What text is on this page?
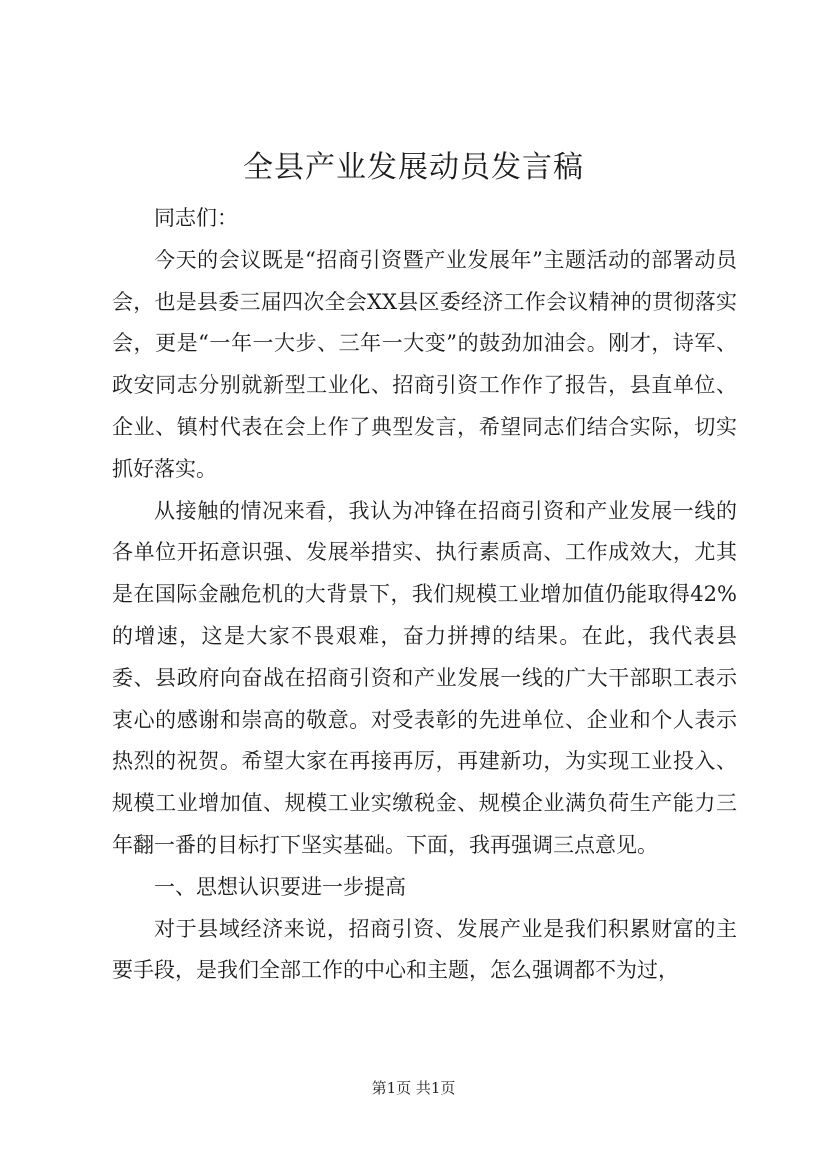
全县产业发展动员发言稿

同志们：

今天的会议既是“招商引资暨产业发展年”主题活动的部署动员会，也是县委三届四次全会XX县区委经济工作会议精神的贯彻落实会，更是“一年一大步、三年一大变”的鼓劲加油会。刚才，诗军、政安同志分别就新型工业化、招商引资工作作了报告，县直单位、企业、镇村代表在会上作了典型发言，希望同志们结合实际，切实抓好落实。

从接触的情况来看，我认为冲锋在招商引资和产业发展一线的各单位开拓意识强、发展举措实、执行素质高、工作成效大，尤其是在国际金融危机的大背景下，我们规模工业增加值仍能取得42%的增速，这是大家不畏艰难，奋力拼搏的结果。在此，我代表县委、县政府向奋战在招商引资和产业发展一线的广大干部职工表示衷心的感谢和崇高的敬意。对受表彰的先进单位、企业和个人表示热烈的祝贺。希望大家在再接再厉，再建新功，为实现工业投入、规模工业增加值、规模工业实缴税金、规模企业满负荷生产能力三年翻一番的目标打下坚实基础。下面，我再强调三点意见。

一、思想认识要进一步提高

对于县域经济来说，招商引资、发展产业是我们积累财富的主要手段，是我们全部工作的中心和主题，怎么强调都不为过，

第1页 共1页
